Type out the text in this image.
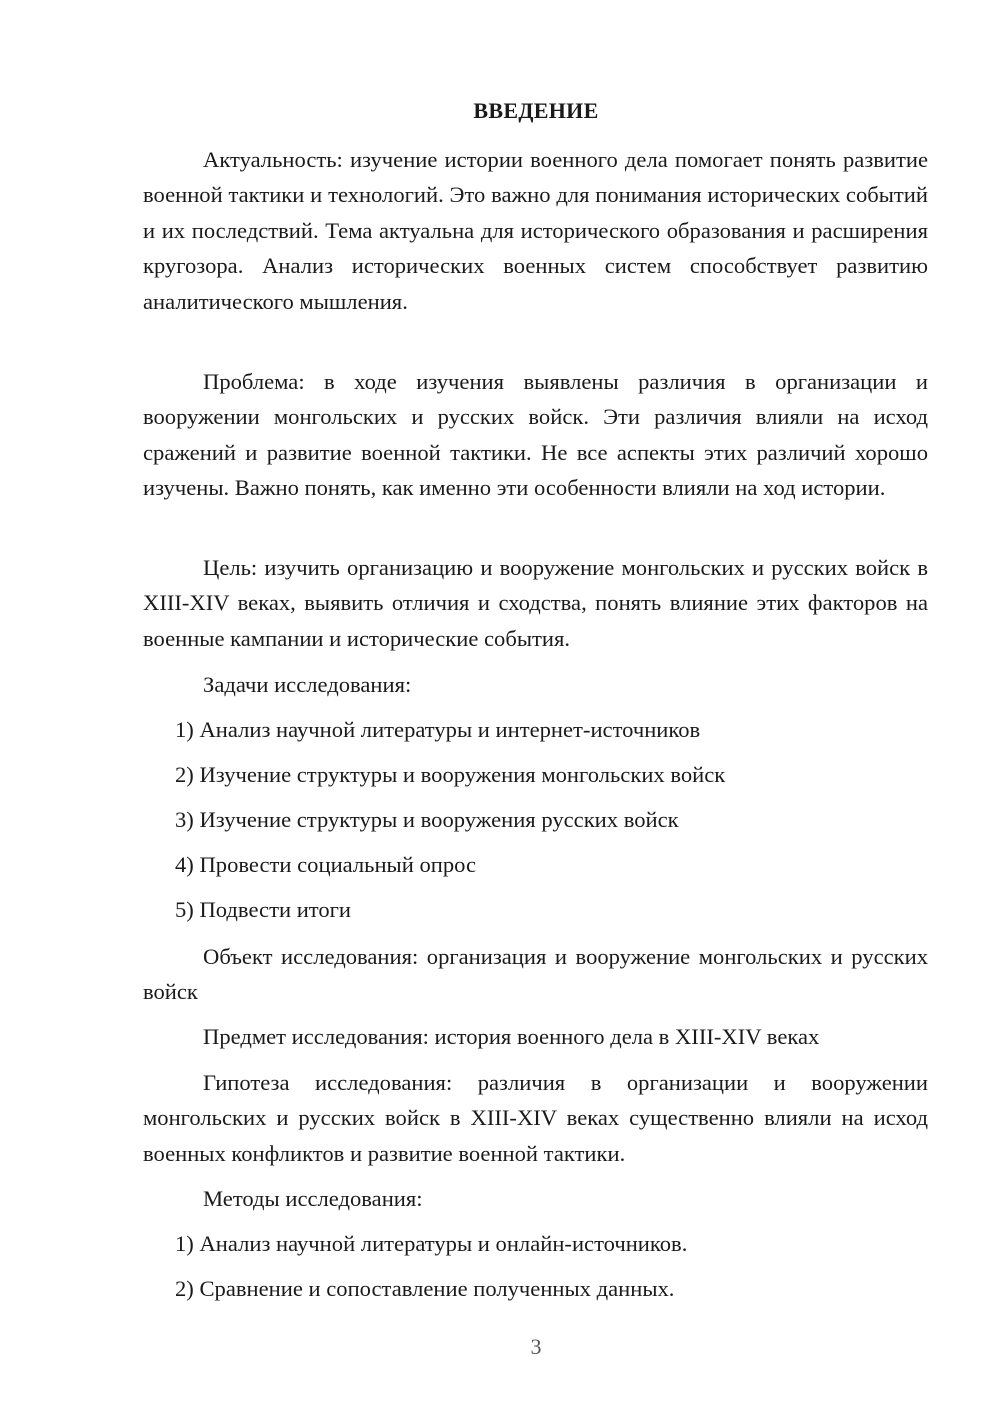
ВВЕДЕНИЕ

Актуальность: изучение истории военного дела помогает понять развитие военной тактики и технологий. Это важно для понимания исторических событий и их последствий. Тема актуальна для исторического образования и расширения кругозора. Анализ исторических военных систем способствует развитию аналитического мышления.

Проблема: в ходе изучения выявлены различия в организации и вооружении монгольских и русских войск. Эти различия влияли на исход сражений и развитие военной тактики. Не все аспекты этих различий хорошо изучены. Важно понять, как именно эти особенности влияли на ход истории.

Цель: изучить организацию и вооружение монгольских и русских войск в XIII-XIV веках, выявить отличия и сходства, понять влияние этих факторов на военные кампании и исторические события.

Задачи исследования:

1) Анализ научной литературы и интернет-источников

2) Изучение структуры и вооружения монгольских войск

3) Изучение структуры и вооружения русских войск

4) Провести социальный опрос

5) Подвести итоги

Объект исследования: организация и вооружение монгольских и русских войск

Предмет исследования: история военного дела в XIII-XIV веках

Гипотеза исследования: различия в организации и вооружении монгольских и русских войск в XIII-XIV веках существенно влияли на исход военных конфликтов и развитие военной тактики.

Методы исследования:

1) Анализ научной литературы и онлайн-источников.

2) Сравнение и сопоставление полученных данных.

3
